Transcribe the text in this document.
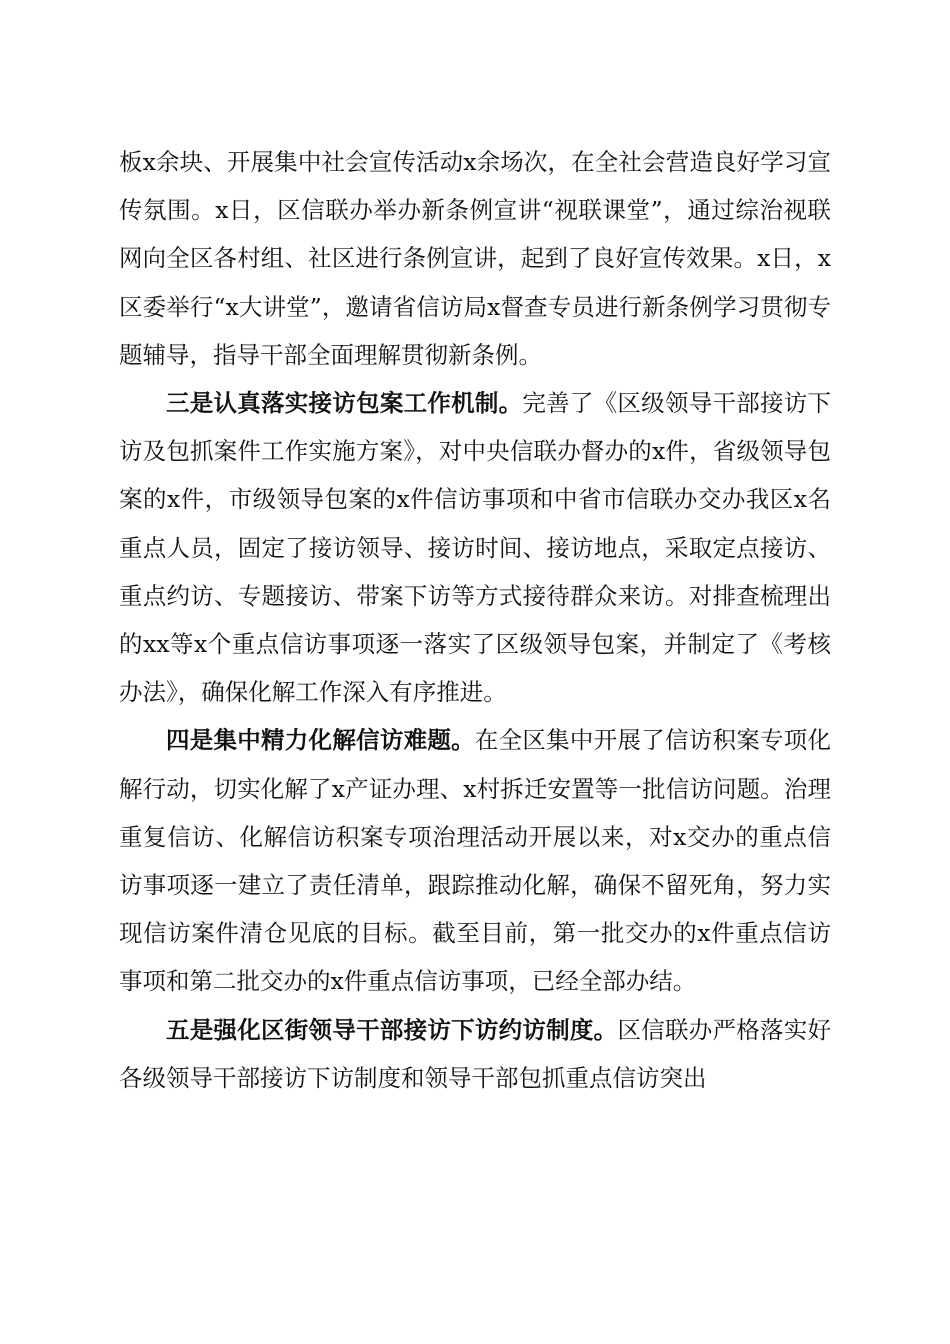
板x余块、开展集中社会宣传活动x余场次，在全社会营造良好学习宣传氛围。x日，区信联办举办新条例宣讲“视联课堂”，通过综治视联网向全区各村组、社区进行条例宣讲，起到了良好宣传效果。x日，x区委举行“x大讲堂”，邀请省信访局x督查专员进行新条例学习贯彻专题辅导，指导干部全面理解贯彻新条例。

三是认真落实接访包案工作机制。完善了《区级领导干部接访下访及包抓案件工作实施方案》，对中央信联办督办的x件，省级领导包案的x件，市级领导包案的x件信访事项和中省市信联办交办我区x名重点人员，固定了接访领导、接访时间、接访地点，采取定点接访、重点约访、专题接访、带案下访等方式接待群众来访。对排查梳理出的xx等x个重点信访事项逐一落实了区级领导包案，并制定了《考核办法》，确保化解工作深入有序推进。

四是集中精力化解信访难题。在全区集中开展了信访积案专项化解行动，切实化解了x产证办理、x村拆迁安置等一批信访问题。治理重复信访、化解信访积案专项治理活动开展以来，对x交办的重点信访事项逐一建立了责任清单，跟踪推动化解，确保不留死角，努力实现信访案件清仓见底的目标。截至目前，第一批交办的x件重点信访事项和第二批交办的x件重点信访事项，已经全部办结。

五是强化区街领导干部接访下访约访制度。区信联办严格落实好各级领导干部接访下访制度和领导干部包抓重点信访突出
